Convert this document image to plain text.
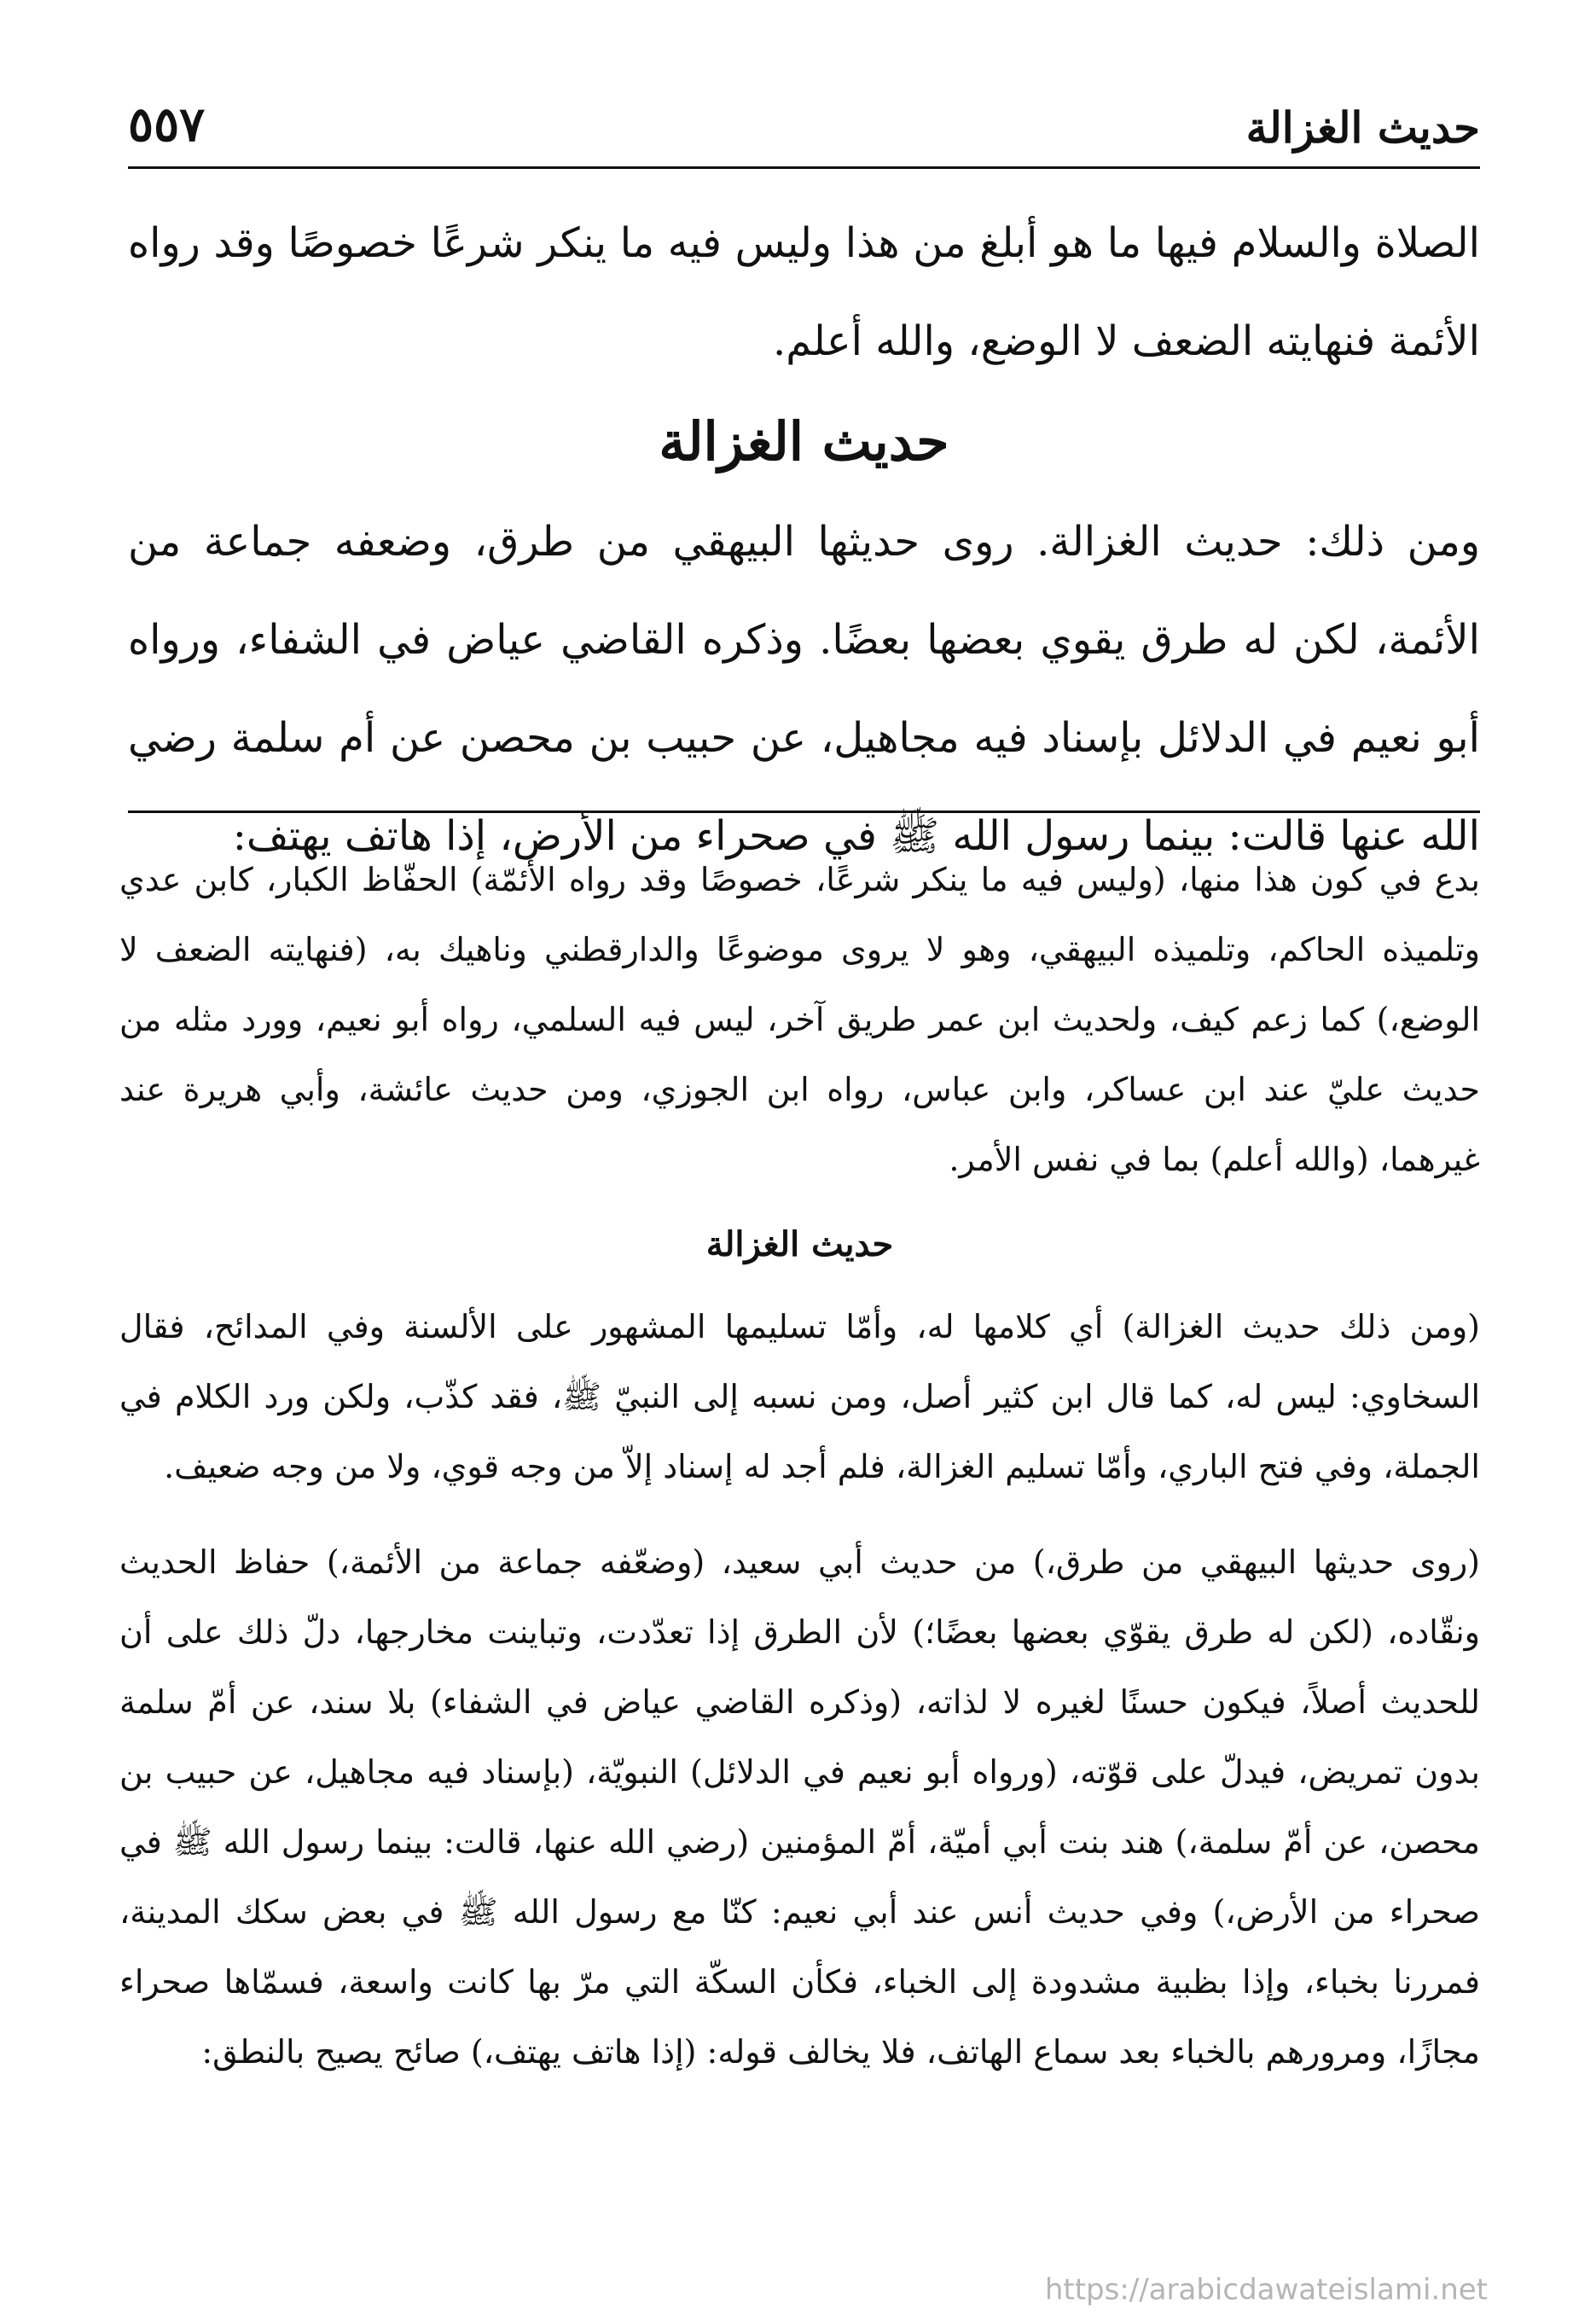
حديث الغزالة
٥٥٧

الصلاة والسلام فيها ما هو أبلغ من هذا وليس فيه ما ينكر شرعًا خصوصًا وقد رواه الأئمة فنهايته الضعف لا الوضع، والله أعلم.

حديث الغزالة

ومن ذلك: حديث الغزالة. روى حديثها البيهقي من طرق، وضعفه جماعة من الأئمة، لكن له طرق يقوي بعضها بعضًا. وذكره القاضي عياض في الشفاء، ورواه أبو نعيم في الدلائل بإسناد فيه مجاهيل، عن حبيب بن محصن عن أم سلمة رضي الله عنها قالت: بينما رسول الله ﷺ في صحراء من الأرض، إذا هاتف يهتف:

بدع في كون هذا منها، (وليس فيه ما ينكر شرعًا، خصوصًا وقد رواه الأئمّة) الحفّاظ الكبار، كابن عدي وتلميذه الحاكم، وتلميذه البيهقي، وهو لا يروى موضوعًا والدارقطني وناهيك به، (فنهايته الضعف لا الوضع،) كما زعم كيف، ولحديث ابن عمر طريق آخر، ليس فيه السلمي، رواه أبو نعيم، وورد مثله من حديث عليّ عند ابن عساكر، وابن عباس، رواه ابن الجوزي، ومن حديث عائشة، وأبي هريرة عند غيرهما، (والله أعلم) بما في نفس الأمر.

حديث الغزالة

(ومن ذلك حديث الغزالة) أي كلامها له، وأمّا تسليمها المشهور على الألسنة وفي المدائح، فقال السخاوي: ليس له، كما قال ابن كثير أصل، ومن نسبه إلى النبيّ ﷺ، فقد كذّب، ولكن ورد الكلام في الجملة، وفي فتح الباري، وأمّا تسليم الغزالة، فلم أجد له إسناد إلاّ من وجه قوي، ولا من وجه ضعيف.

(روى حديثها البيهقي من طرق،) من حديث أبي سعيد، (وضعّفه جماعة من الأئمة،) حفاظ الحديث ونقّاده، (لكن له طرق يقوّي بعضها بعضًا؛) لأن الطرق إذا تعدّدت، وتباينت مخارجها، دلّ ذلك على أن للحديث أصلاً، فيكون حسنًا لغيره لا لذاته، (وذكره القاضي عياض في الشفاء) بلا سند، عن أمّ سلمة بدون تمريض، فيدلّ على قوّته، (ورواه أبو نعيم في الدلائل) النبويّة، (بإسناد فيه مجاهيل، عن حبيب بن محصن، عن أمّ سلمة،) هند بنت أبي أميّة، أمّ المؤمنين (رضي الله عنها، قالت: بينما رسول الله ﷺ في صحراء من الأرض،) وفي حديث أنس عند أبي نعيم: كنّا مع رسول الله ﷺ في بعض سكك المدينة، فمررنا بخباء، وإذا بظبية مشدودة إلى الخباء، فكأن السكّة التي مرّ بها كانت واسعة، فسمّاها صحراء مجازًا، ومرورهم بالخباء بعد سماع الهاتف، فلا يخالف قوله: (إذا هاتف يهتف،) صائح يصيح بالنطق:

https://arabicdawateislami.net
